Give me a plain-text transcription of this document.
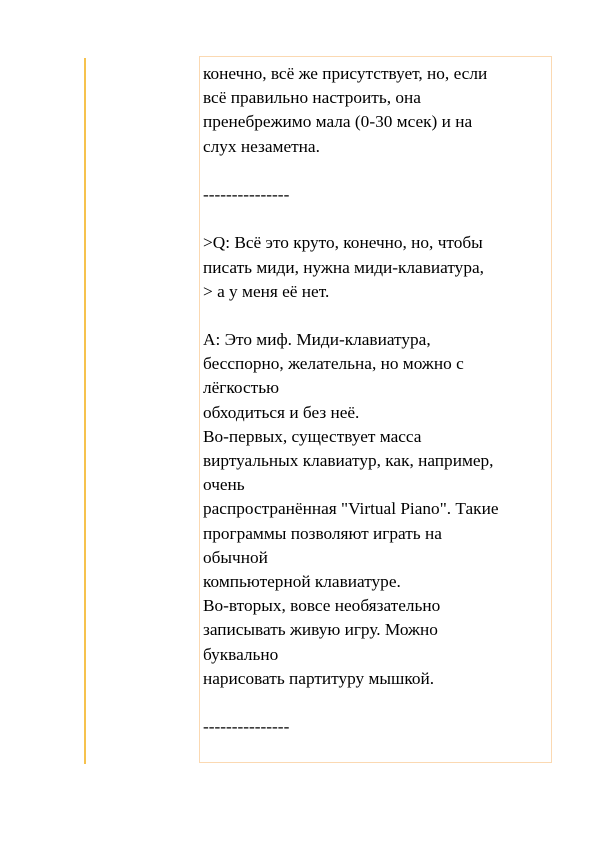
конечно, всё же присутствует, но, если
всё правильно настроить, она
пренебрежимо мала (0-30 мсек) и на
слух незаметна.
---------------
>Q: Всё это круто, конечно, но, чтобы
писать миди, нужна миди-клавиатура,
> а у меня её нет.
A: Это миф. Миди-клавиатура,
бесспорно, желательна, но можно с
лёгкостью
обходиться и без неё.
Во-первых, существует масса
виртуальных клавиатур, как, например,
очень
распространённая "Virtual Piano". Такие
программы позволяют играть на
обычной
компьютерной клавиатуре.
Во-вторых, вовсе необязательно
записывать живую игру. Можно
буквально
нарисовать партитуру мышкой.
---------------
